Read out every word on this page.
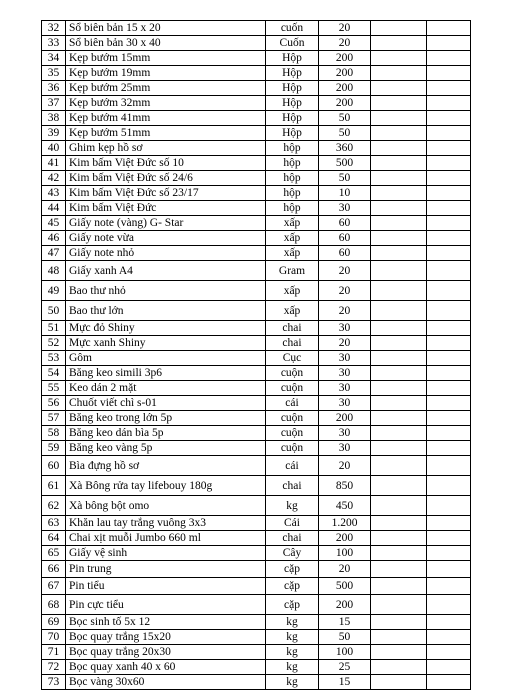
32	Sổ biên bản 15 x 20	cuốn	20		
33	Sổ biên bản 30 x 40	Cuốn	20		
34	Kẹp bướm 15mm	Hộp	200		
35	Kẹp bướm 19mm	Hộp	200		
36	Kẹp bướm 25mm	Hộp	200		
37	Kẹp bướm 32mm	Hộp	200		
38	Kẹp bướm 41mm	Hộp	50		
39	Kẹp bướm 51mm	Hộp	50		
40	Ghim kẹp hồ sơ	hộp	360		
41	Kim bấm Việt Đức số 10	hộp	500		
42	Kim bấm Việt Đức số 24/6	hộp	50		
43	Kim bấm Việt Đức số 23/17	hộp	10		
44	Kim bấm Việt Đức	hộp	30		
45	Giấy note (vàng) G- Star	xấp	60		
46	Giấy note vừa	xấp	60		
47	Giấy note nhỏ	xấp	60		
48	Giấy xanh A4	Gram	20		
49	Bao thư nhỏ	xấp	20		
50	Bao thư lớn	xấp	20		
51	Mực đỏ Shiny	chai	30		
52	Mực xanh Shiny	chai	20		
53	Gôm	Cục	30		
54	Băng keo simili 3p6	cuộn	30		
55	Keo dán 2 mặt	cuộn	30		
56	Chuốt viết chì s-01	cái	30		
57	Băng keo trong lớn 5p	cuộn	200		
58	Băng keo dán bìa 5p	cuộn	30		
59	Băng keo vàng 5p	cuộn	30		
60	Bìa đựng hồ sơ	cái	20		
61	Xà Bông rửa tay lifebouy 180g	chai	850		
62	Xà bông bột omo	kg	450		
63	Khăn lau tay trắng vuông 3x3	Cái	1.200		
64	Chai xịt muỗi Jumbo 660 ml	chai	200		
65	Giấy vệ sinh	Cây	100		
66	Pin trung	cặp	20		
67	Pin tiểu	cặp	500		
68	Pin cực tiểu	cặp	200		
69	Bọc sinh tố 5x 12	kg	15		
70	Bọc quay trắng 15x20	kg	50		
71	Bọc quay trắng 20x30	kg	100		
72	Bọc quay xanh 40 x 60	kg	25		
73	Bọc vàng 30x60	kg	15		
